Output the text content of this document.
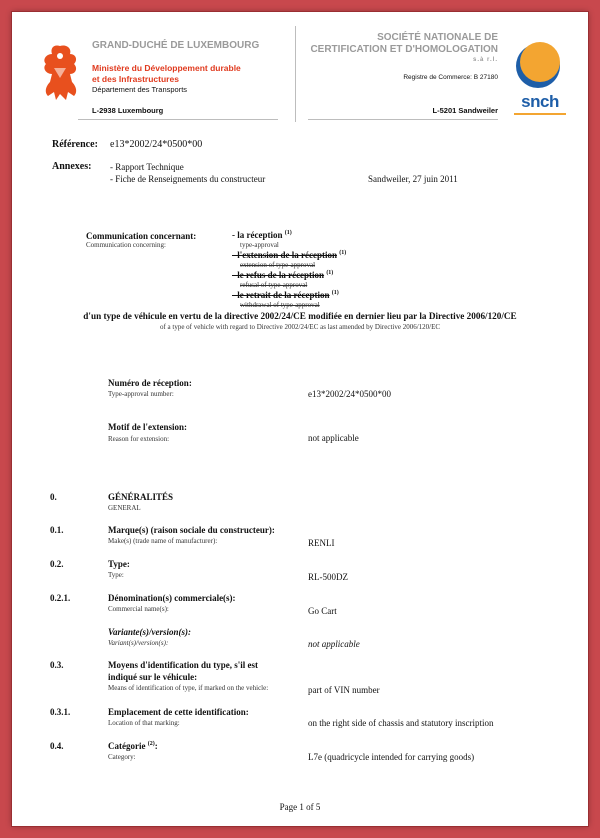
GRAND-DUCHÉ DE LUXEMBOURG
Ministère du Développement durable
et des Infrastructures
Département des Transports
L-2938 Luxembourg
SOCIÉTÉ NATIONALE DE
CERTIFICATION ET D'HOMOLOGATION
s.à r.l.
Registre de Commerce: B 27180
L-5201 Sandweiler	snch
Référence: e13*2002/24*0500*00
Annexes: - Rapport Technique
- Fiche de Renseignements du constructeur	Sandweiler, 27 juin 2011
Communication concernant:
Communication concerning:
- la réception $^{(1)}$
type-approval
- l'extension de la réception $^{(1)}$
extension of type-approval
- le refus de la réception $^{(1)}$
refusal of type-approval
- le retrait de la réception $^{(1)}$
withdrawal of type-approval
d'un type de véhicule en vertu de la directive 2002/24/CE modifiée en dernier lieu par la Directive 2006/120/CE
of a type of vehicle with regard to Directive 2002/24/EC as last amended by Directive 2006/120/EC
Numéro de réception:
Type-approval number:	e13*2002/24*0500*00
Motif de l'extension:
Reason for extension:	not applicable
0.	GÉNÉRALITÉS
GENERAL
0.1.	Marque(s) (raison sociale du constructeur):
Make(s) (trade name of manufacturer):	RENLI
0.2.	Type:
Type:	RL-500DZ
0.2.1.	Dénomination(s) commerciale(s):
Commercial name(s):	Go Cart
Variante(s)/version(s):
Variant(s)/version(s):	not applicable
0.3.	Moyens d'identification du type, s'il est
indiqué sur le véhicule:
Means of identification of type, if marked on the vehicle:	part of VIN number
0.3.1.	Emplacement de cette identification:
Location of that marking:	on the right side of chassis and statutory inscription
0.4.	Catégorie $^{(2)}$:
Category:	L7e (quadricycle intended for carrying goods)
Page 1 of 5
